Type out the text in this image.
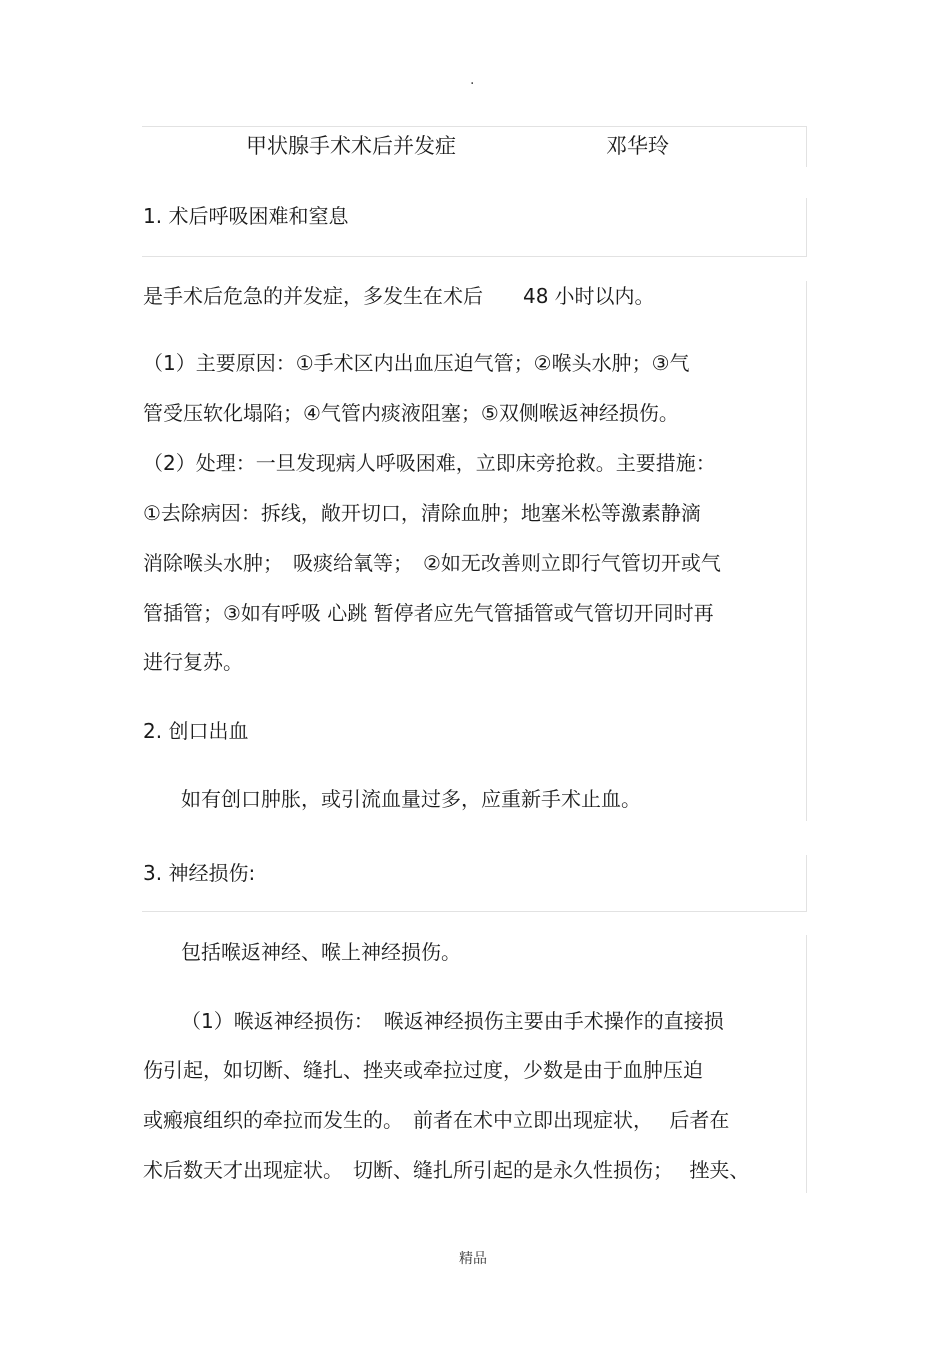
.
甲状腺手术术后并发症	邓华玲
1. 术后呼吸困难和窒息
是手术后危急的并发症，多发生在术后 48 小时以内。
（1）主要原因：①手术区内出血压迫气管；②喉头水肿；③气
管受压软化塌陷；④气管内痰液阻塞；⑤双侧喉返神经损伤。
（2）处理：一旦发现病人呼吸困难，立即床旁抢救。主要措施：
①去除病因：拆线，敞开切口，清除血肿；地塞米松等激素静滴
消除喉头水肿；　吸痰给氧等；　②如无改善则立即行气管切开或气
管插管；③如有呼吸 心跳 暂停者应先气管插管或气管切开同时再
进行复苏。
2. 创口出血
如有创口肿胀，或引流血量过多，应重新手术止血。
3. 神经损伤:
包括喉返神经、喉上神经损伤。
（1）喉返神经损伤：　喉返神经损伤主要由手术操作的直接损
伤引起，如切断、缝扎、挫夹或牵拉过度，少数是由于血肿压迫
或瘢痕组织的牵拉而发生的。　前者在术中立即出现症状，　 后者在
术后数天才出现症状。　切断、缝扎所引起的是永久性损伤；　 挫夹、
精品
